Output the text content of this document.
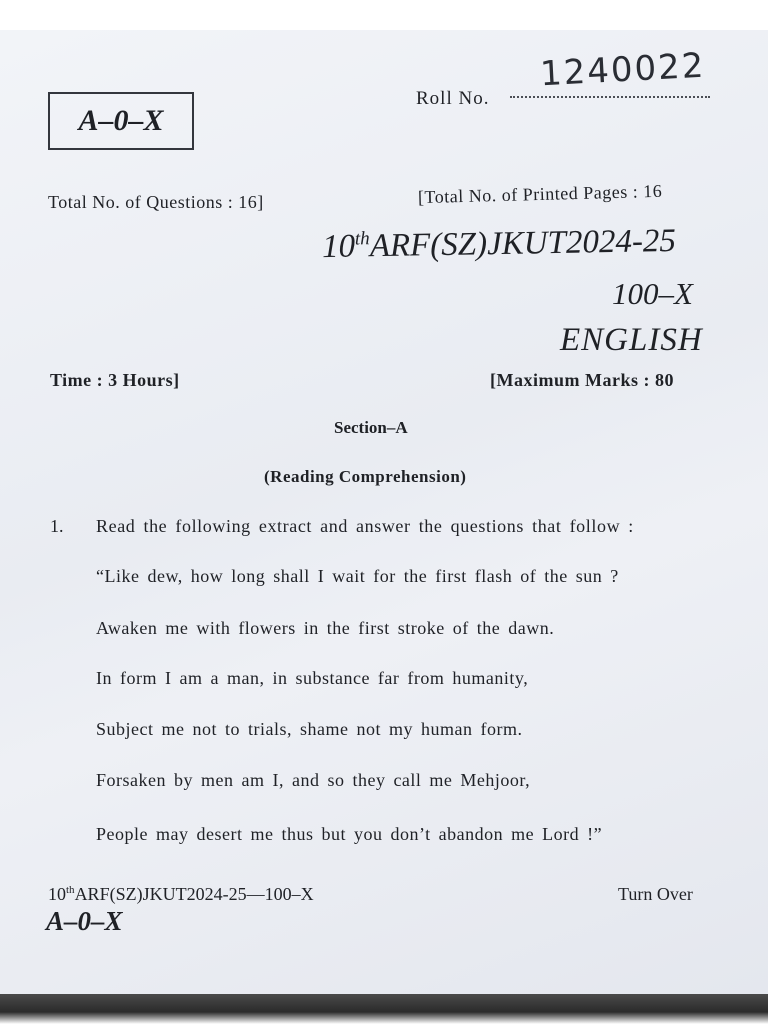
A–0–X
Roll No.
1240022
Total No. of Questions : 16]	[Total No. of Printed Pages : 16
10thARF(SZ)JKUT2024-25
100–X
ENGLISH
Time : 3 Hours]	[Maximum Marks : 80
Section–A
(Reading Comprehension)
1. Read the following extract and answer the questions that follow :
“Like dew, how long shall I wait for the first flash of the sun ?
Awaken me with flowers in the first stroke of the dawn.
In form I am a man, in substance far from humanity,
Subject me not to trials, shame not my human form.
Forsaken by men am I, and so they call me Mehjoor,
People may desert me thus but you don’t abandon me Lord !”
10thARF(SZ)JKUT2024-25—100–X	Turn Over
A–0–X
